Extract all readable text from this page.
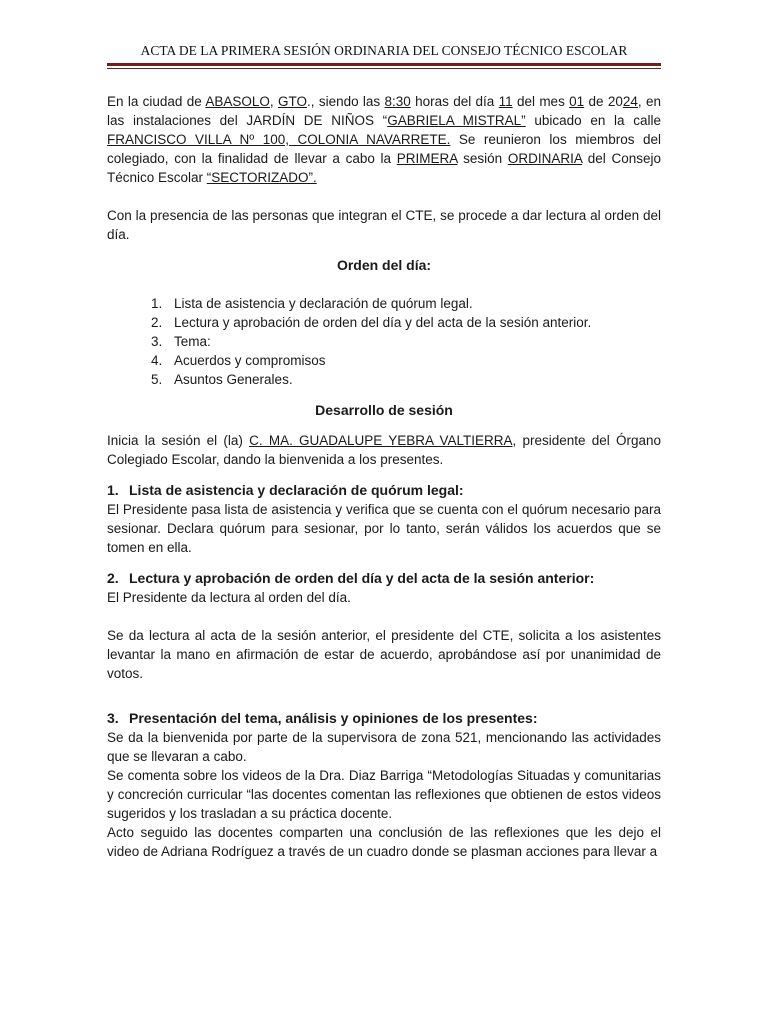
ACTA DE LA PRIMERA SESIÓN ORDINARIA DEL CONSEJO TÉCNICO ESCOLAR

En la ciudad de ABASOLO, GTO., siendo las 8:30 horas del día 11 del mes 01 de 2024, en las instalaciones del JARDÍN DE NIÑOS “GABRIELA MISTRAL” ubicado en la calle FRANCISCO VILLA Nº 100, COLONIA NAVARRETE. Se reunieron los miembros del colegiado, con la finalidad de llevar a cabo la PRIMERA sesión ORDINARIA del Consejo Técnico Escolar “SECTORIZADO”.

Con la presencia de las personas que integran el CTE, se procede a dar lectura al orden del día.

Orden del día:

1. Lista de asistencia y declaración de quórum legal.
2. Lectura y aprobación de orden del día y del acta de la sesión anterior.
3. Tema:
4. Acuerdos y compromisos
5. Asuntos Generales.

Desarrollo de sesión

Inicia la sesión el (la) C. MA. GUADALUPE YEBRA VALTIERRA, presidente del Órgano Colegiado Escolar, dando la bienvenida a los presentes.

1. Lista de asistencia y declaración de quórum legal:

El Presidente pasa lista de asistencia y verifica que se cuenta con el quórum necesario para sesionar. Declara quórum para sesionar, por lo tanto, serán válidos los acuerdos que se tomen en ella.

2. Lectura y aprobación de orden del día y del acta de la sesión anterior:

El Presidente da lectura al orden del día.

Se da lectura al acta de la sesión anterior, el presidente del CTE, solicita a los asistentes levantar la mano en afirmación de estar de acuerdo, aprobándose así por unanimidad de votos.

3. Presentación del tema, análisis y opiniones de los presentes:

Se da la bienvenida por parte de la supervisora de zona 521, mencionando las actividades que se llevaran a cabo.

Se comenta sobre los videos de la Dra. Diaz Barriga “Metodologías Situadas y comunitarias y concreción curricular “las docentes comentan las reflexiones que obtienen de estos videos sugeridos y los trasladan a su práctica docente.

Acto seguido las docentes comparten una conclusión de las reflexiones que les dejo el video de Adriana Rodríguez a través de un cuadro donde se plasman acciones para llevar a
